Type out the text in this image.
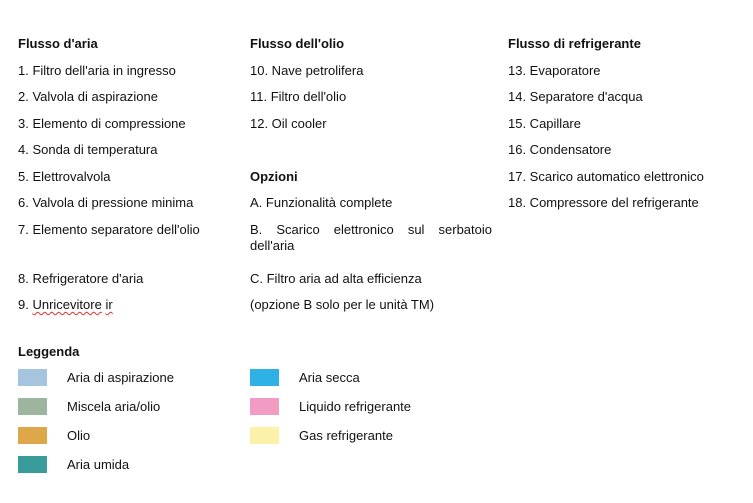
Flusso d'aria
1. Filtro dell'aria in ingresso
2. Valvola di aspirazione
3. Elemento di compressione
4. Sonda di temperatura
5. Elettrovalvola
6. Valvola di pressione minima
7. Elemento separatore dell'olio
8. Refrigeratore d'aria
9. Unricevitore ir
Flusso dell'olio
10. Nave petrolifera
11. Filtro dell'olio
12. Oil cooler
Opzioni
A. Funzionalità complete
B. Scarico elettronico sul serbatoio dell'aria
C. Filtro aria ad alta efficienza
(opzione B solo per le unità TM)
Flusso di refrigerante
13. Evaporatore
14. Separatore d'acqua
15. Capillare
16. Condensatore
17. Scarico automatico elettronico
18. Compressore del refrigerante
Leggenda
Aria di aspirazione
Miscela aria/olio
Olio
Aria umida
Aria secca
Liquido refrigerante
Gas refrigerante
